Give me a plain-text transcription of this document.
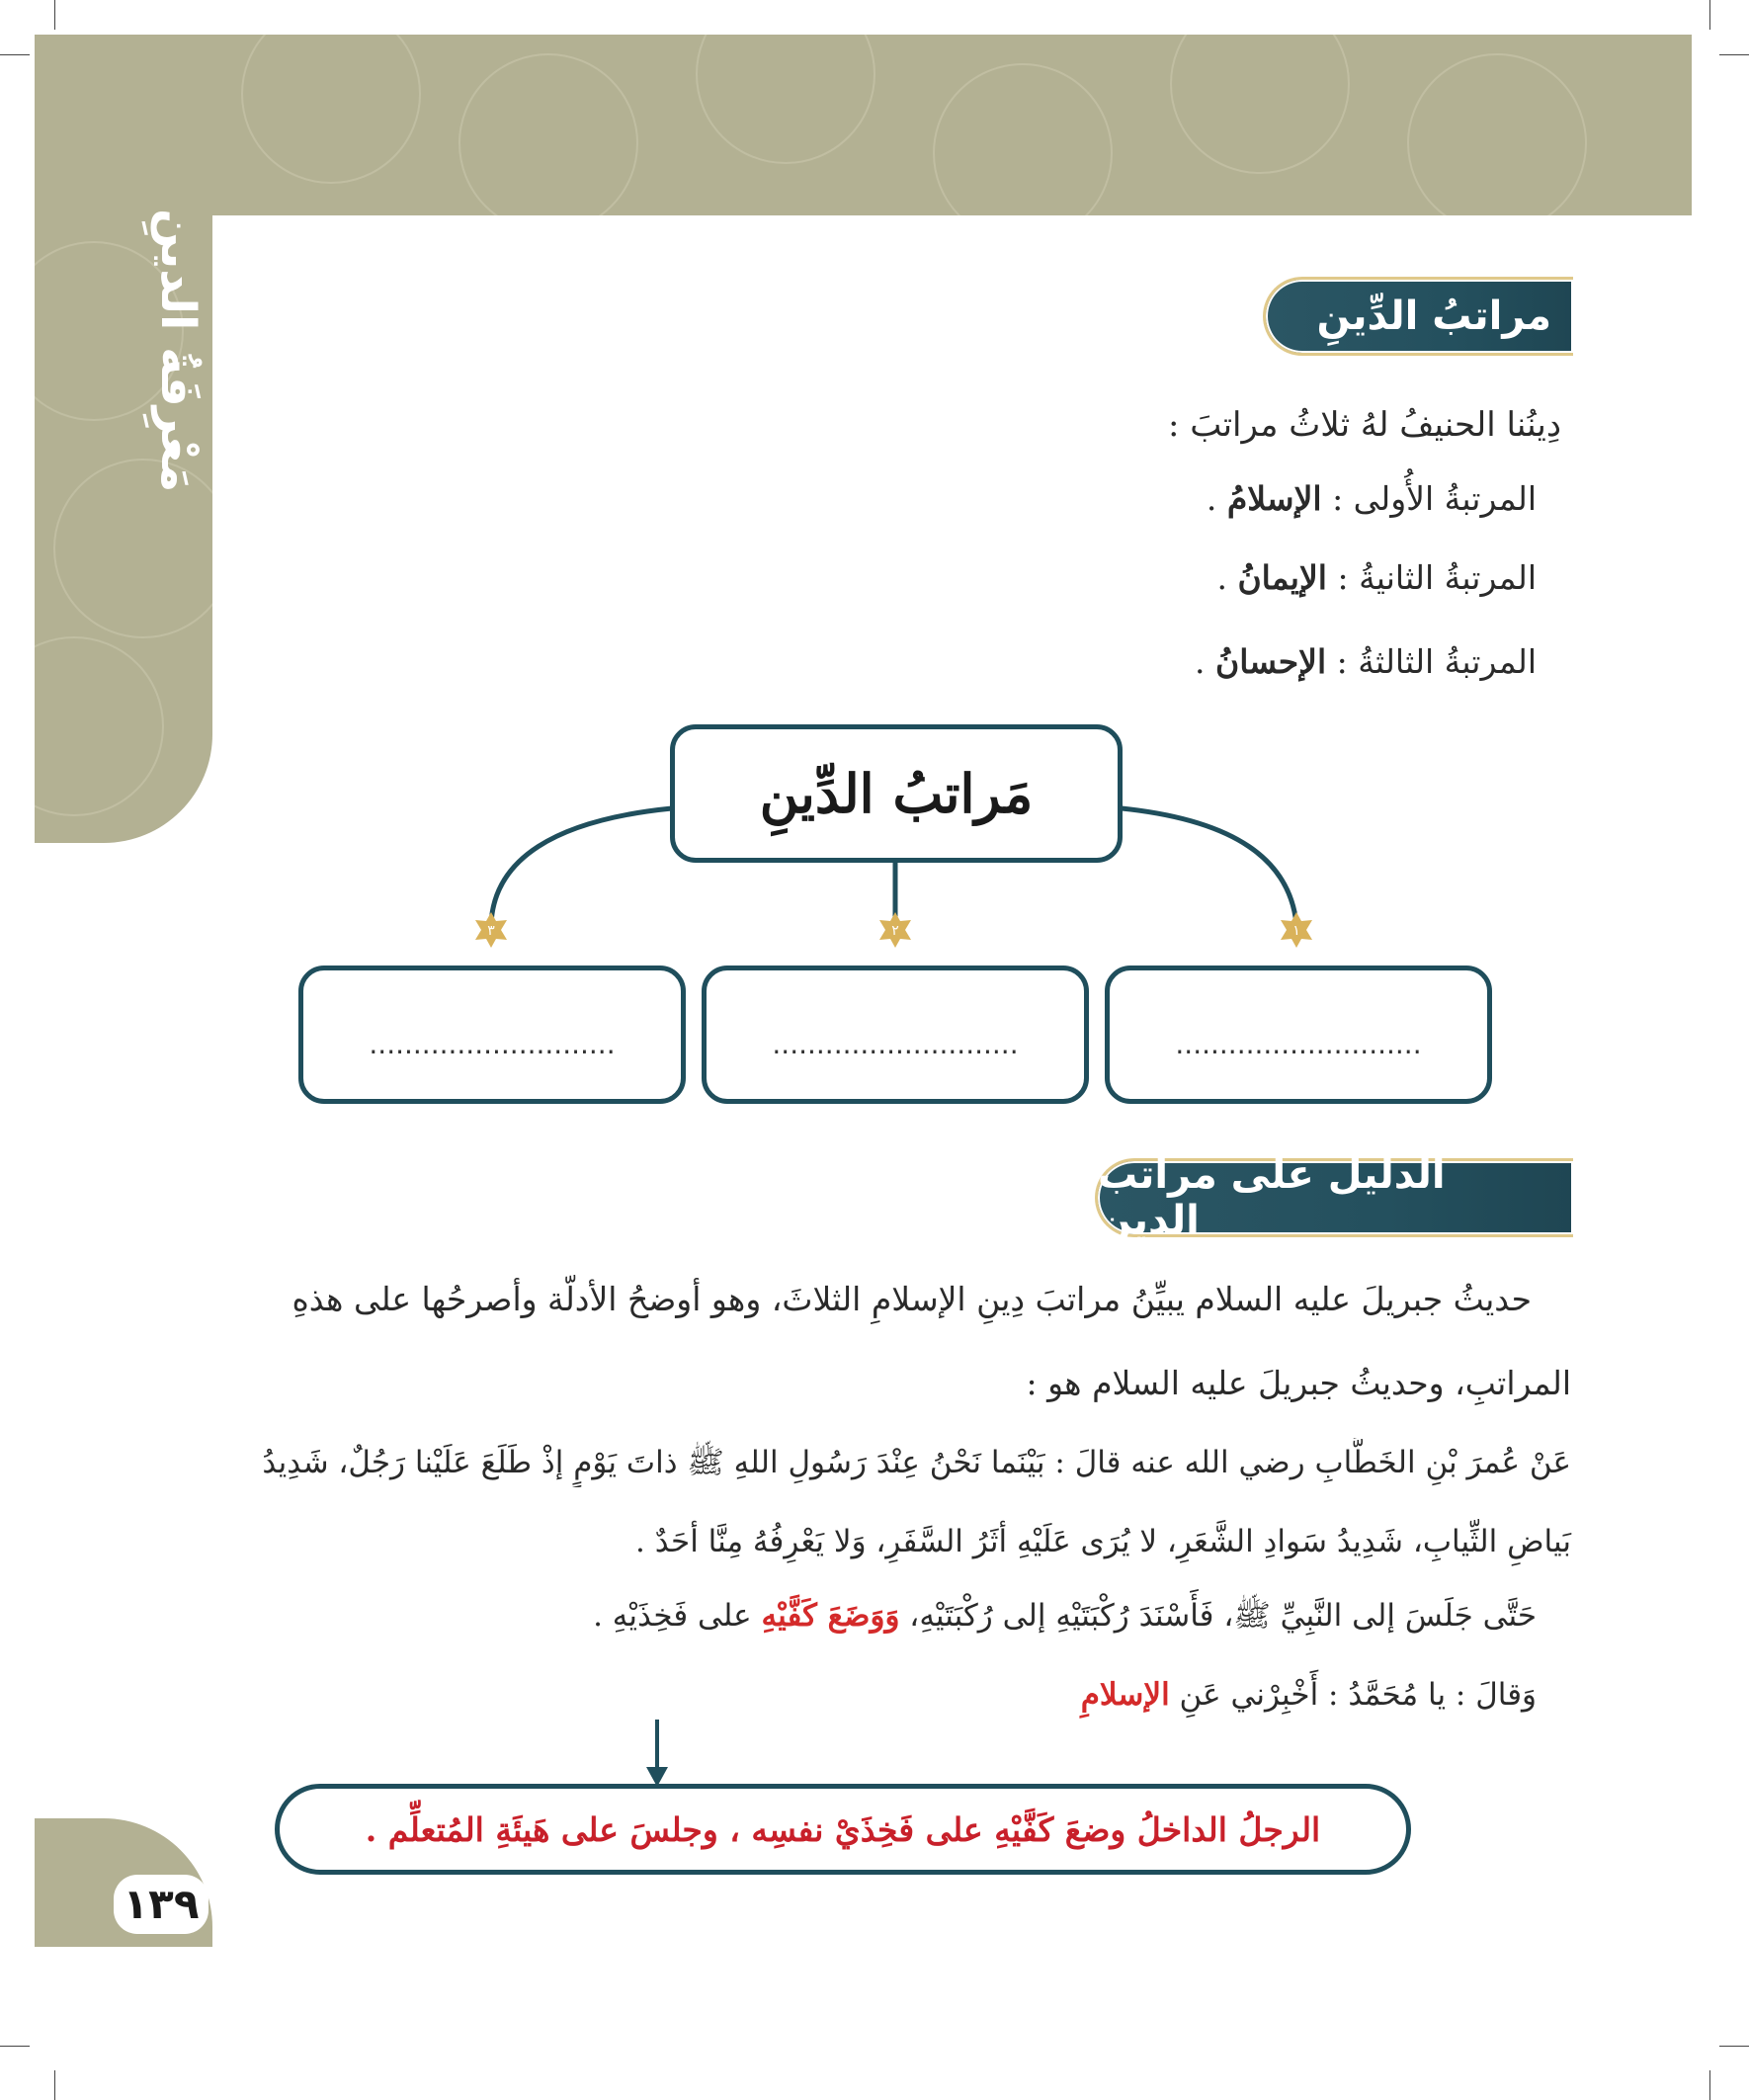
مَعْرِفَةُ الدينِ
١٣٩
مراتبُ الدِّينِ
دِينُنا الحنيفُ لهُ ثلاثُ مراتبَ :
المرتبةُ الأُولى : الإسلامُ .
المرتبةُ الثانيةُ : الإيمانُ .
المرتبةُ الثالثةُ : الإحسانُ .
مَراتبُ الدِّينِ
٣	٢	١
............................	............................	............................
الدليل على مراتب الدين
حديثُ جبريلَ عليه السلام يبيِّنُ مراتبَ دِينِ الإسلامِ الثلاثَ، وهو أوضحُ الأدلَّة وأصرحُها على هذهِ
المراتبِ، وحديثُ جبريلَ عليه السلام هو :
عَنْ عُمرَ بْنِ الخَطَّابِ رضي الله عنه قالَ : بَيْنَما نَحْنُ عِنْدَ رَسُولِ اللهِ ﷺ ذاتَ يَوْمٍ إذْ طَلَعَ عَلَيْنا رَجُلٌ، شَدِيدُ
بَياضِ الثِّيابِ، شَدِيدُ سَوادِ الشَّعَرِ، لا يُرَى عَلَيْهِ أثَرُ السَّفَرِ، وَلا يَعْرِفُهُ مِنَّا أحَدٌ .
حَتَّى جَلَسَ إلى النَّبِيِّ ﷺ، فَأَسْنَدَ رُكْبَتَيْهِ إلى رُكْبَتَيْهِ، وَوَضَعَ كَفَّيْهِ على فَخِذَيْهِ .
وَقالَ : يا مُحَمَّدُ : أَخْبِرْني عَنِ الإسلامِ
الرجلُ الداخلُ وضعَ كَفَّيْهِ على فَخِذَيْ نفسِه ، وجلسَ على هَيئَةِ المُتعلِّم .
